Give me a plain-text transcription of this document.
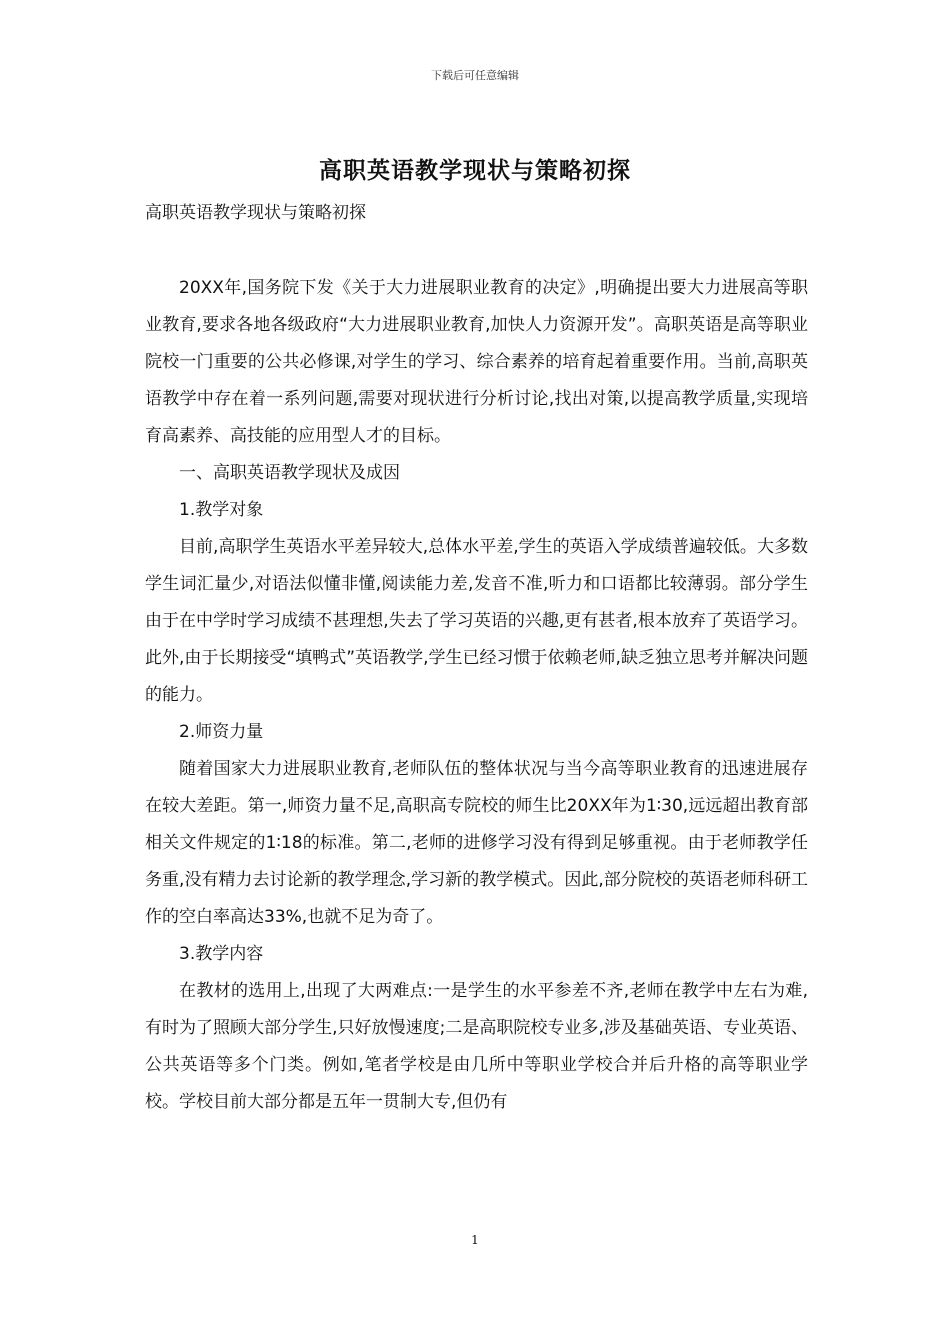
下载后可任意编辑
高职英语教学现状与策略初探
高职英语教学现状与策略初探

20XX年,国务院下发《关于大力进展职业教育的决定》,明确提出要大力进展高等职业教育,要求各地各级政府“大力进展职业教育,加快人力资源开发”。高职英语是高等职业院校一门重要的公共必修课,对学生的学习、综合素养的培育起着重要作用。当前,高职英语教学中存在着一系列问题,需要对现状进行分析讨论,找出对策,以提高教学质量,实现培育高素养、高技能的应用型人才的目标。

一、高职英语教学现状及成因

1.教学对象

目前,高职学生英语水平差异较大,总体水平差,学生的英语入学成绩普遍较低。大多数学生词汇量少,对语法似懂非懂,阅读能力差,发音不准,听力和口语都比较薄弱。部分学生由于在中学时学习成绩不甚理想,失去了学习英语的兴趣,更有甚者,根本放弃了英语学习。此外,由于长期接受“填鸭式”英语教学,学生已经习惯于依赖老师,缺乏独立思考并解决问题的能力。

2.师资力量

随着国家大力进展职业教育,老师队伍的整体状况与当今高等职业教育的迅速进展存在较大差距。第一,师资力量不足,高职高专院校的师生比20XX年为1∶30,远远超出教育部相关文件规定的1∶18的标准。第二,老师的进修学习没有得到足够重视。由于老师教学任务重,没有精力去讨论新的教学理念,学习新的教学模式。因此,部分院校的英语老师科研工作的空白率高达33%,也就不足为奇了。

3.教学内容

在教材的选用上,出现了大两难点:一是学生的水平参差不齐,老师在教学中左右为难,有时为了照顾大部分学生,只好放慢速度;二是高职院校专业多,涉及基础英语、专业英语、公共英语等多个门类。例如,笔者学校是由几所中等职业学校合并后升格的高等职业学校。学校目前大部分都是五年一贯制大专,但仍有

1
